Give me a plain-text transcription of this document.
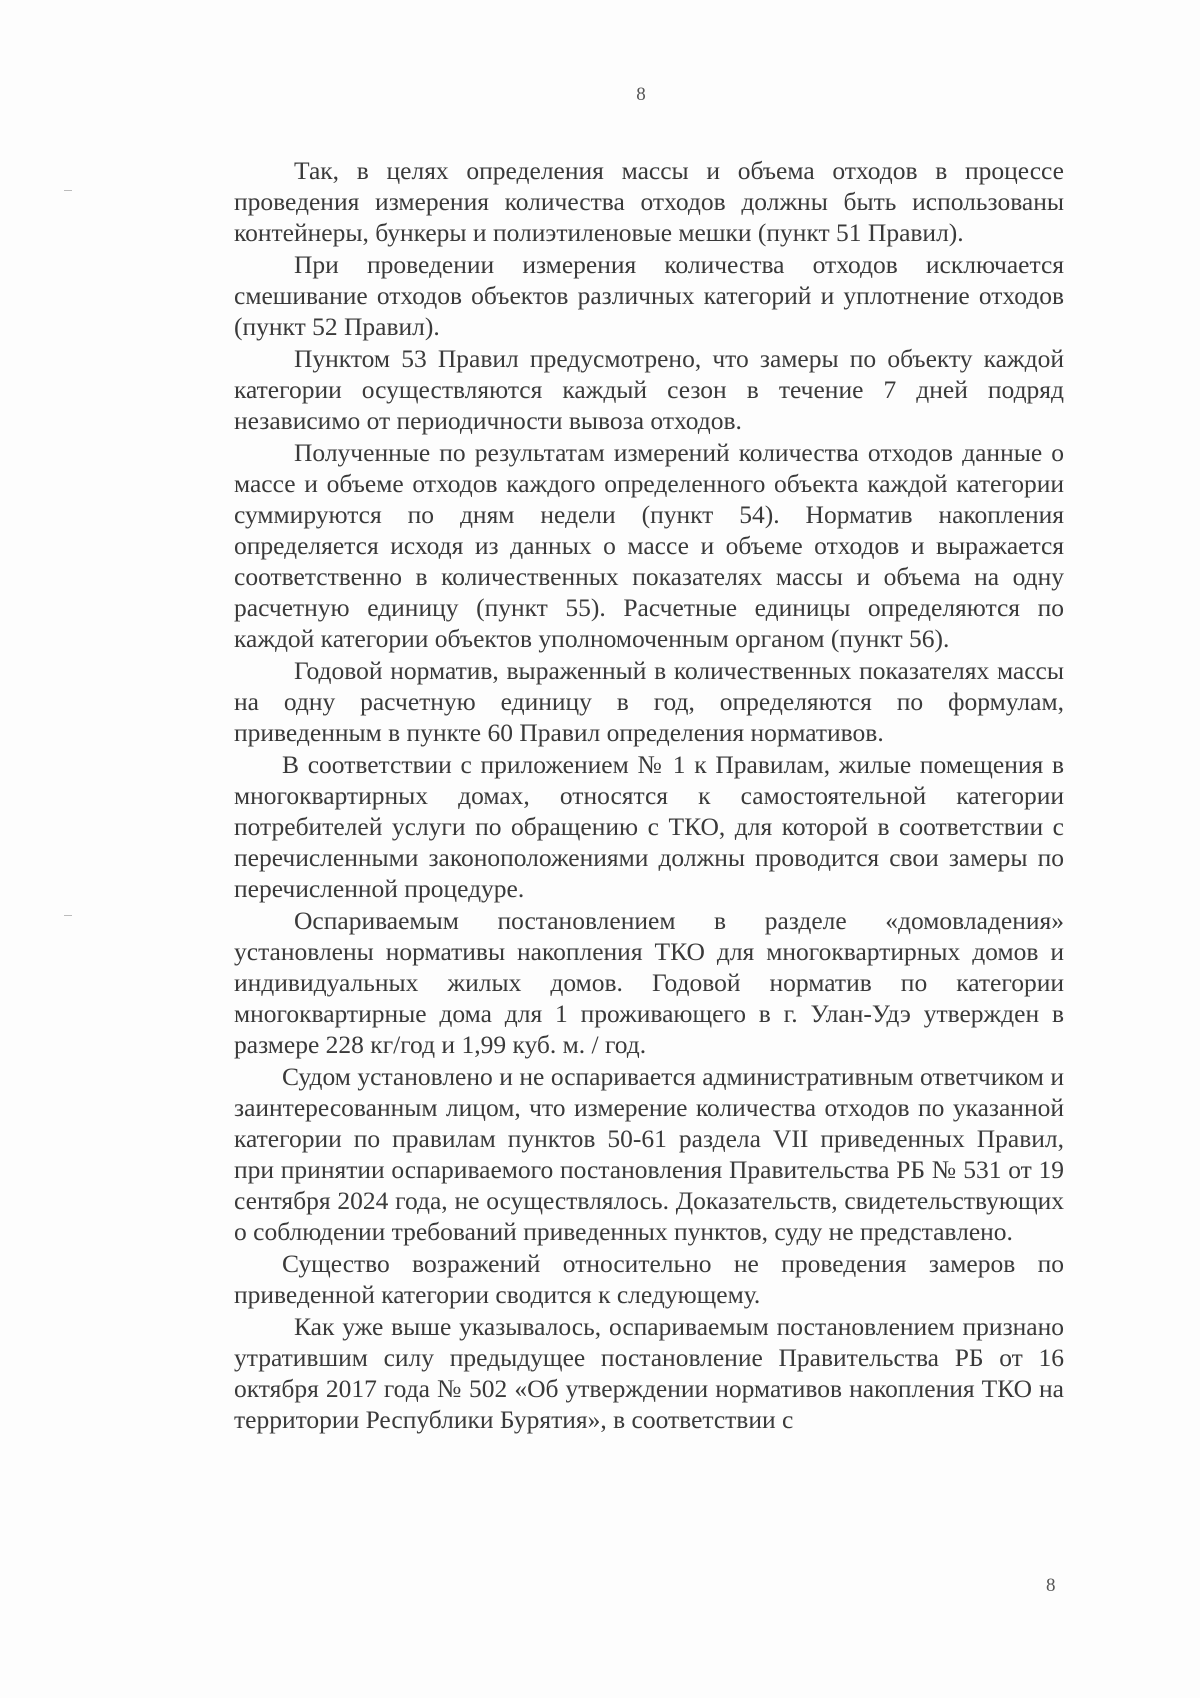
8

Так, в целях определения массы и объема отходов в процессе проведения измерения количества отходов должны быть использованы контейнеры, бункеры и полиэтиленовые мешки (пункт 51 Правил).

При проведении измерения количества отходов исключается смешивание отходов объектов различных категорий и уплотнение отходов (пункт 52 Правил).

Пунктом 53 Правил предусмотрено, что замеры по объекту каждой категории осуществляются каждый сезон в течение 7 дней подряд независимо от периодичности вывоза отходов.

Полученные по результатам измерений количества отходов данные о массе и объеме отходов каждого определенного объекта каждой категории суммируются по дням недели (пункт 54). Норматив накопления определяется исходя из данных о массе и объеме отходов и выражается соответственно в количественных показателях массы и объема на одну расчетную единицу (пункт 55). Расчетные единицы определяются по каждой категории объектов уполномоченным органом (пункт 56).

Годовой норматив, выраженный в количественных показателях массы на одну расчетную единицу в год, определяются по формулам, приведенным в пункте 60 Правил определения нормативов.

В соответствии с приложением № 1 к Правилам, жилые помещения в многоквартирных домах, относятся к самостоятельной категории потребителей услуги по обращению с ТКО, для которой в соответствии с перечисленными законоположениями должны проводится свои замеры по перечисленной процедуре.

Оспариваемым постановлением в разделе «домовладения» установлены нормативы накопления ТКО для многоквартирных домов и индивидуальных жилых домов. Годовой норматив по категории многоквартирные дома для 1 проживающего в г. Улан-Удэ утвержден в размере 228 кг/год и 1,99 куб. м. / год.

Судом установлено и не оспаривается административным ответчиком и заинтересованным лицом, что измерение количества отходов по указанной категории по правилам пунктов 50-61 раздела VII приведенных Правил, при принятии оспариваемого постановления Правительства РБ № 531 от 19 сентября 2024 года, не осуществлялось. Доказательств, свидетельствующих о соблюдении требований приведенных пунктов, суду не представлено.

Существо возражений относительно не проведения замеров по приведенной категории сводится к следующему.

Как уже выше указывалось, оспариваемым постановлением признано утратившим силу предыдущее постановление Правительства РБ от 16 октября 2017 года № 502 «Об утверждении нормативов накопления ТКО на территории Республики Бурятия», в соответствии с

8
